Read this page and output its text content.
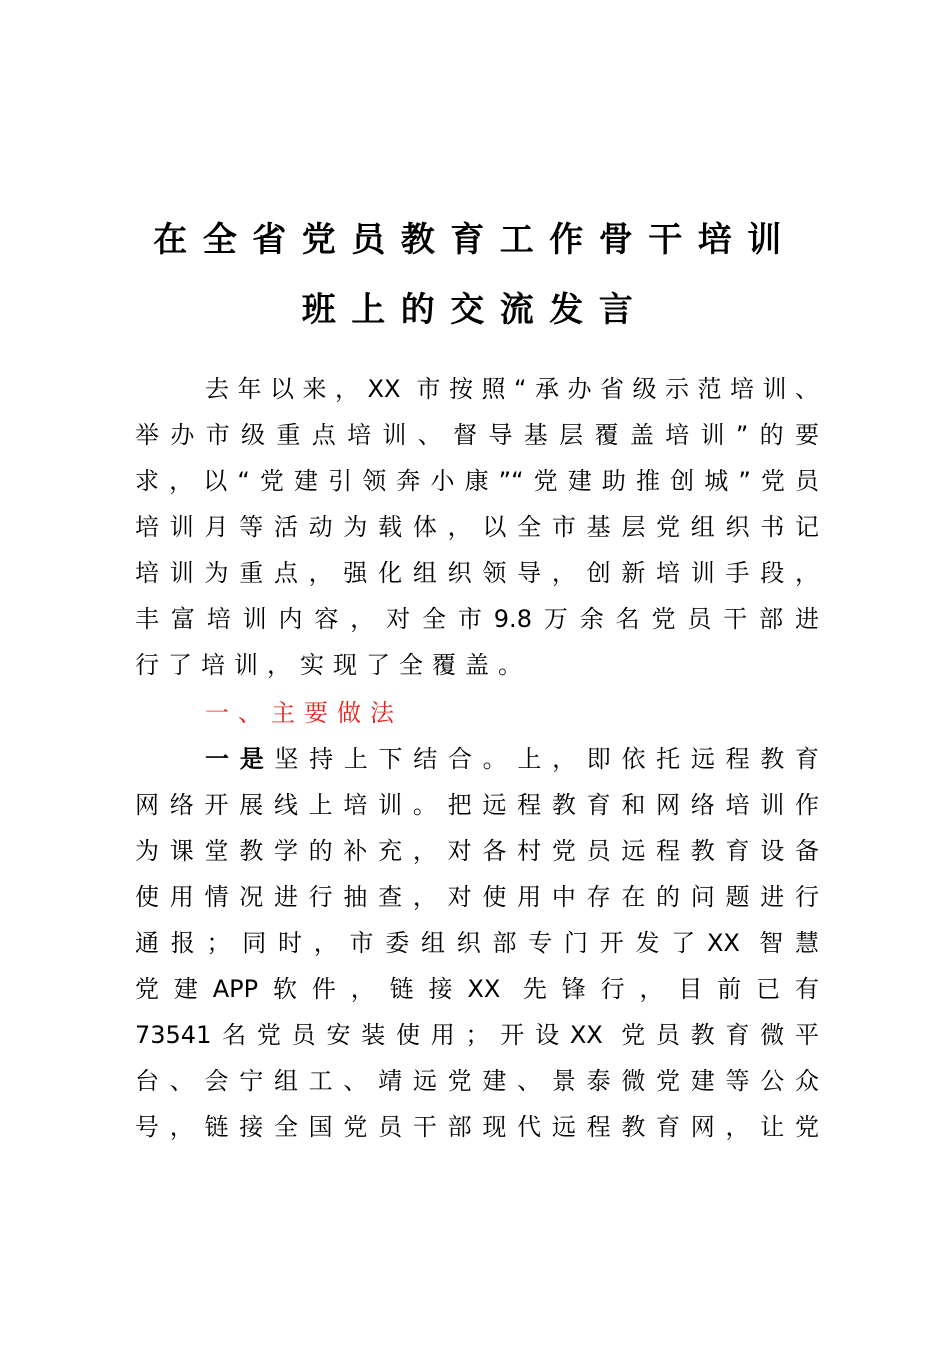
在全省党员教育工作骨干培训
班上的交流发言
去年以来，XX 市按照“承办省级示范培训、
举办市级重点培训、督导基层覆盖培训”的要
求，以“党建引领奔小康”“党建助推创城”党员
培训月等活动为载体，以全市基层党组织书记
培训为重点，强化组织领导，创新培训手段，
丰富培训内容，对全市9.8万余名党员干部进
行了培训，实现了全覆盖。
一、主要做法
一是坚持上下结合。上，即依托远程教育
网络开展线上培训。把远程教育和网络培训作
为课堂教学的补充，对各村党员远程教育设备
使用情况进行抽查，对使用中存在的问题进行
通报；同时，市委组织部专门开发了XX 智慧
党建APP软件，链接XX 先锋行，目前已有
73541名党员安装使用；开设XX 党员教育微平
台、会宁组工、靖远党建、景泰微党建等公众
号，链接全国党员干部现代远程教育网，让党
